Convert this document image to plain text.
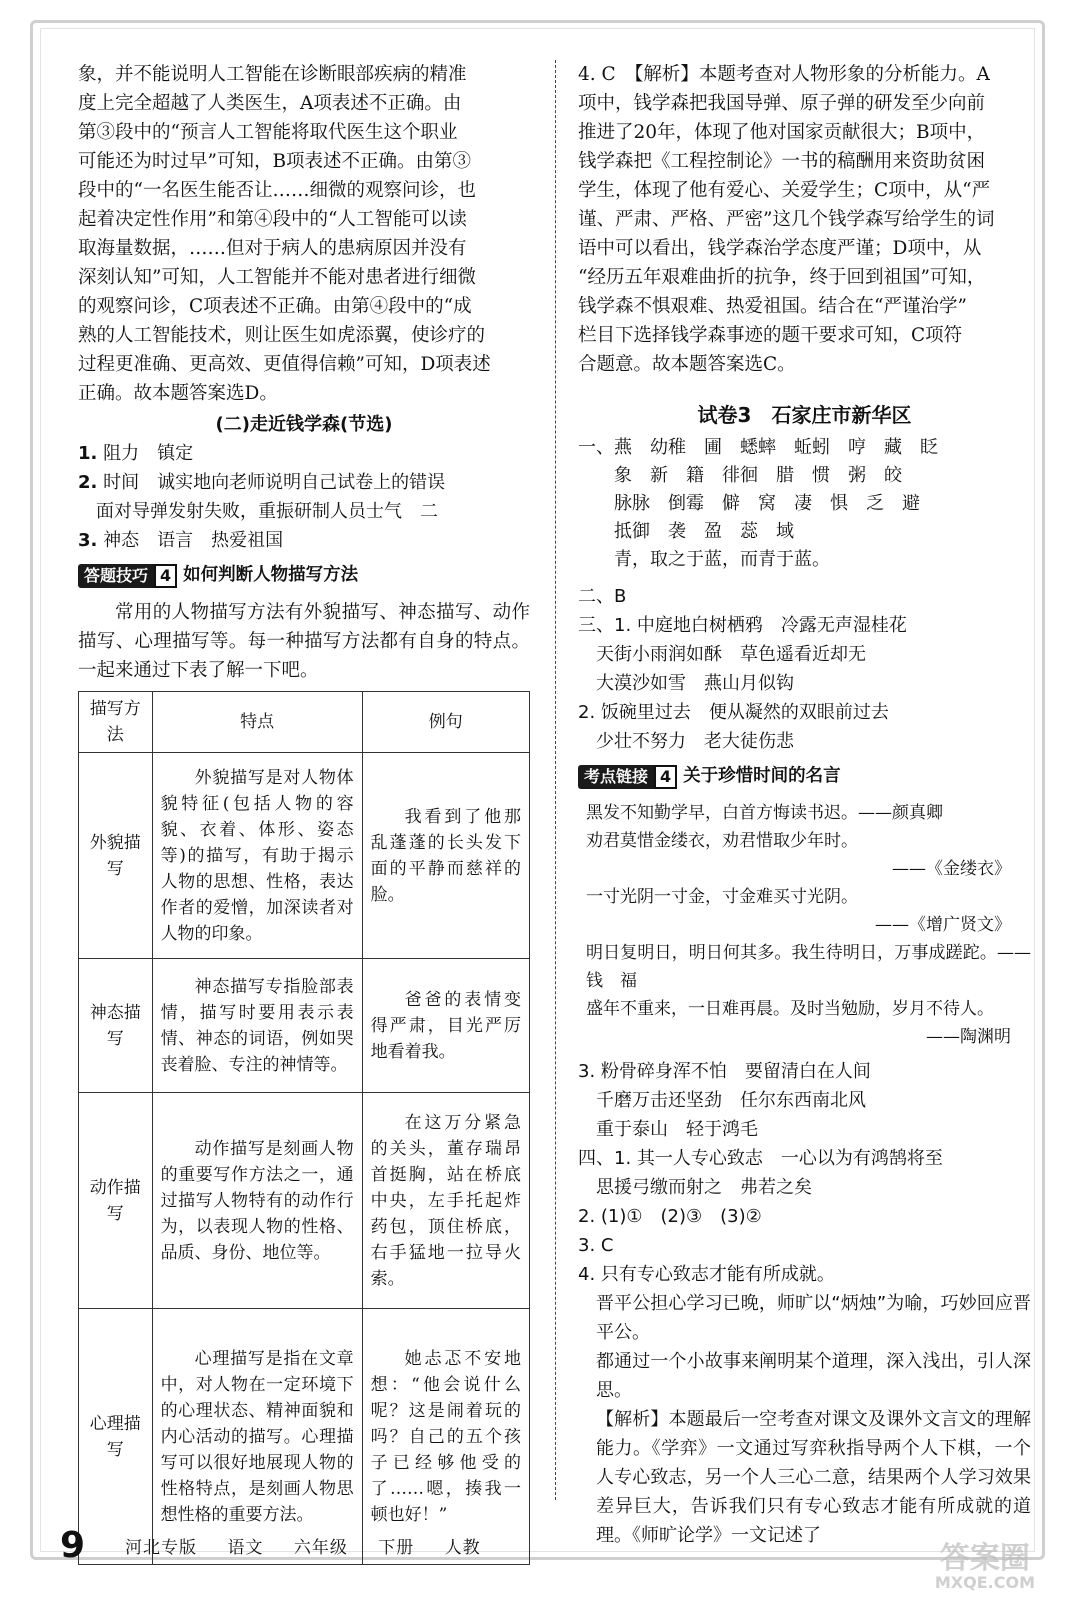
象，并不能说明人工智能在诊断眼部疾病的精准

度上完全超越了人类医生，A项表述不正确。由

第③段中的“预言人工智能将取代医生这个职业

可能还为时过早”可知，B项表述不正确。由第③

段中的“一名医生能否让……细微的观察问诊，也

起着决定性作用”和第④段中的“人工智能可以读

取海量数据，……但对于病人的患病原因并没有

深刻认知”可知，人工智能并不能对患者进行细微

的观察问诊，C项表述不正确。由第④段中的“成

熟的人工智能技术，则让医生如虎添翼，使诊疗的

过程更准确、更高效、更值得信赖”可知，D项表述

正确。故本题答案选D。

(二)走近钱学森(节选)

1. 阻力　镇定

2. 时间　诚实地向老师说明自己试卷上的错误

面对导弹发射失败，重振研制人员士气　二

3. 神态　语言　热爱祖国

答题技巧 4 如何判断人物描写方法

常用的人物描写方法有外貌描写、神态描写、动作描写、心理描写等。每一种描写方法都有自身的特点。一起来通过下表了解一下吧。

描写方法	特点	例句
外貌描写	外貌描写是对人物体貌特征(包括人物的容貌、衣着、体形、姿态等)的描写，有助于揭示人物的思想、性格，表达作者的爱憎，加深读者对人物的印象。	我看到了他那乱蓬蓬的长头发下面的平静而慈祥的脸。
神态描写	神态描写专指脸部表情，描写时要用表示表情、神态的词语，例如哭丧着脸、专注的神情等。	爸爸的表情变得严肃，目光严厉地看着我。
动作描写	动作描写是刻画人物的重要写作方法之一，通过描写人物特有的动作行为，以表现人物的性格、品质、身份、地位等。	在这万分紧急的关头，董存瑞昂首挺胸，站在桥底中央，左手托起炸药包，顶住桥底，右手猛地一拉导火索。
心理描写	心理描写是指在文章中，对人物在一定环境下的心理状态、精神面貌和内心活动的描写。心理描写可以很好地展现人物的性格特点，是刻画人物思想性格的重要方法。	她忐忑不安地想：“他会说什么呢？这是闹着玩的吗？自己的五个孩子已经够他受的了……嗯，揍我一顿也好！”

4. C　【解析】本题考查对人物形象的分析能力。A

项中，钱学森把我国导弹、原子弹的研发至少向前

推进了20年，体现了他对国家贡献很大；B项中，

钱学森把《工程控制论》一书的稿酬用来资助贫困

学生，体现了他有爱心、关爱学生；C项中，从“严

谨、严肃、严格、严密”这几个钱学森写给学生的词

语中可以看出，钱学森治学态度严谨；D项中，从

“经历五年艰难曲折的抗争，终于回到祖国”可知，

钱学森不惧艰难、热爱祖国。结合在“严谨治学”

栏目下选择钱学森事迹的题干要求可知，C项符

合题意。故本题答案选C。

试卷3　石家庄市新华区

一、燕　幼稚　圃　蟋蟀　蚯蚓　哼　藏　眨

象　新　籍　徘徊　腊　惯　粥　皎

脉脉　倒霉　僻　窝　凄　惧　乏　避

抵御　袭　盈　蕊　域

青，取之于蓝，而青于蓝。

二、B

三、1. 中庭地白树栖鸦　冷露无声湿桂花

天街小雨润如酥　草色遥看近却无

大漠沙如雪　燕山月似钩

2. 饭碗里过去　便从凝然的双眼前过去

少壮不努力　老大徒伤悲

考点链接 4 关于珍惜时间的名言

黑发不知勤学早，白首方悔读书迟。——颜真卿

劝君莫惜金缕衣，劝君惜取少年时。

——《金缕衣》

一寸光阴一寸金，寸金难买寸光阴。

——《增广贤文》

明日复明日，明日何其多。我生待明日，万事成蹉跎。——钱　福

盛年不重来，一日难再晨。及时当勉励，岁月不待人。

——陶渊明

3. 粉骨碎身浑不怕　要留清白在人间

千磨万击还坚劲　任尔东西南北风

重于泰山　轻于鸿毛

四、1. 其一人专心致志　一心以为有鸿鹄将至

思援弓缴而射之　弗若之矣

2. (1)①　(2)③　(3)②

3. C

4. 只有专心致志才能有所成就。

晋平公担心学习已晚，师旷以“炳烛”为喻，巧妙回应晋平公。

都通过一个小故事来阐明某个道理，深入浅出，引人深思。

【解析】本题最后一空考查对课文及课外文言文的理解能力。《学弈》一文通过写弈秋指导两个人下棋，一个人专心致志，另一个人三心二意，结果两个人学习效果差异巨大，告诉我们只有专心致志才能有所成就的道理。《师旷论学》一文记述了

9 河北专版 语文 六年级 下册 人教	答案圈
MXQE.COM
